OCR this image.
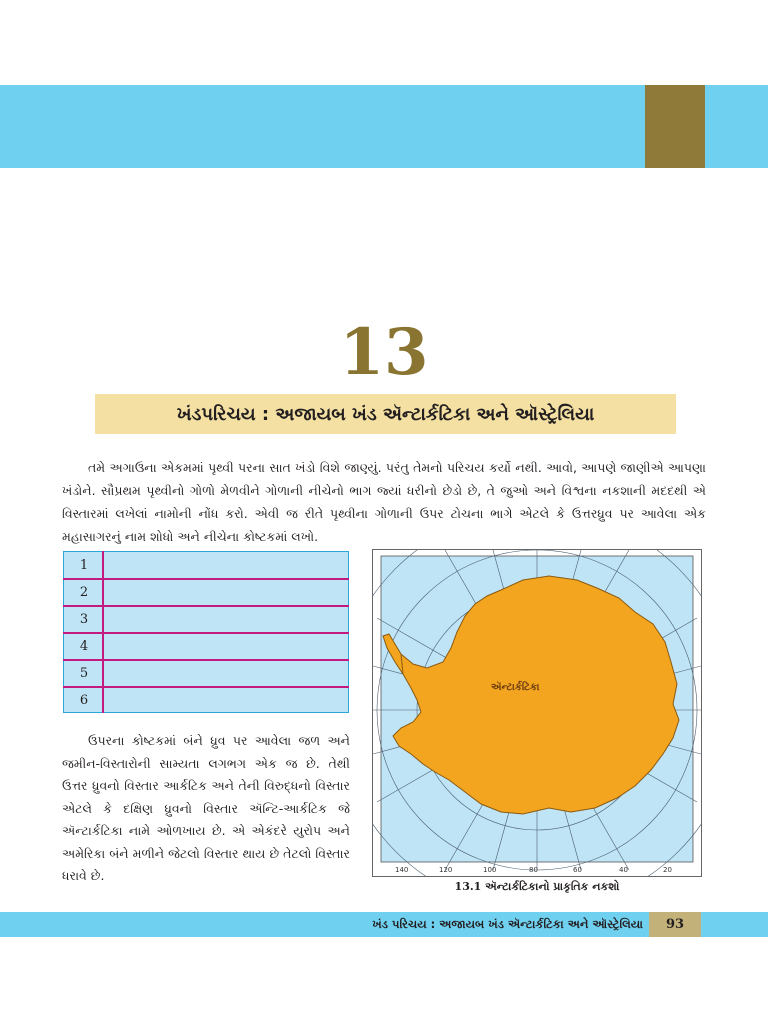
13
ખંડપરિચય : અજાયબ ખંડ ઍન્ટાર્કટિકા અને ઑસ્ટ્રેલિયા

તમે અગાઉના એકમમાં પૃથ્વી પરના સાત ખંડો વિશે જાણ્યું. પરંતુ તેમનો પરિચય કર્યો નથી. આવો, આપણે જાણીએ આપણા ખંડોને. સૌપ્રથમ પૃથ્વીનો ગોળો મેળવીને ગોળાની નીચેનો ભાગ જ્યાં ધરીનો છેડો છે, તે જુઓ અને વિશ્વના નકશાની મદદથી એ વિસ્તારમાં લખેલાં નામોની નોંધ કરો. એવી જ રીતે પૃથ્વીના ગોળાની ઉપર ટોચના ભાગે એટલે કે ઉત્તરધ્રુવ પર આવેલા એક મહાસાગરનું નામ શોધો અને નીચેના કોષ્ટકમાં લખો.

1
2
3
4
5
6

ઉપરના કોષ્ટકમાં બંને ધ્રુવ પર આવેલા જળ અને જમીન-વિસ્તારોની સામ્યતા લગભગ એક જ છે. તેથી ઉત્તર ધ્રુવનો વિસ્તાર આર્કટિક અને તેની વિરુદ્ધનો વિસ્તાર એટલે કે દક્ષિણ ધ્રુવનો વિસ્તાર ઍન્ટિ-આર્કટિક જે ઍન્ટાર્કટિકા નામે ઓળખાય છે. એ એકંદરે યુરોપ અને અમેરિકા બંને મળીને જેટલો વિસ્તાર થાય છે તેટલો વિસ્તાર ધરાવે છે.

ઍન્ટાર્કટિકા
140	120	100	80	60	40	20
13.1 ઍન્ટાર્કટિકાનો પ્રાકૃતિક નકશો
ખંડ પરિચય : અજાયબ ખંડ ઍન્ટાર્કટિકા અને ઑસ્ટ્રેલિયા	93
